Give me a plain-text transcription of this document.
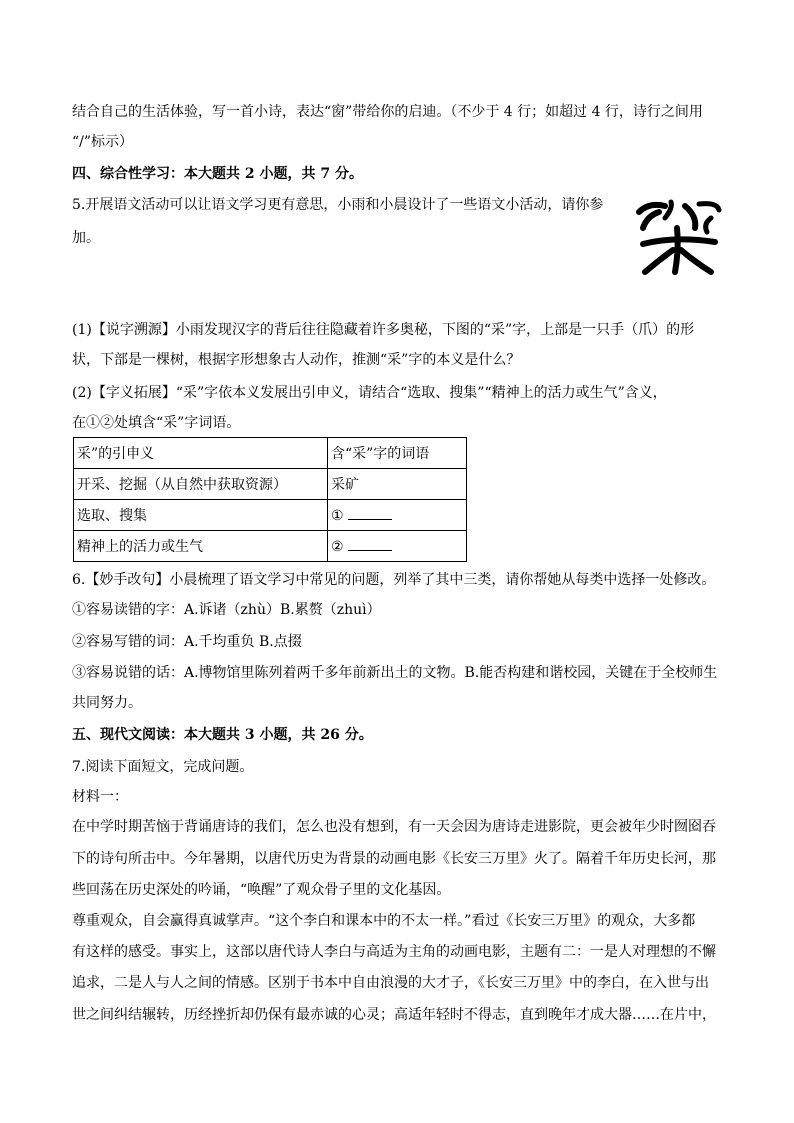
结合自己的生活体验，写一首小诗，表达“窗”带给你的启迪。（不少于 4 行；如超过 4 行，诗行之间用
“/”标示）
四、综合性学习：本大题共 2 小题，共 7 分。
5.开展语文活动可以让语文学习更有意思，小雨和小晨设计了一些语文小活动，请你参
加。
(1)【说字溯源】小雨发现汉字的背后往往隐藏着许多奥秘，下图的“采”字，上部是一只手（爪）的形
状，下部是一棵树，根据字形想象古人动作，推测“采”字的本义是什么？
(2)【字义拓展】“采”字依本义发展出引申义，请结合“选取、搜集”“精神上的活力或生气”含义，
在①②处填含“采”字词语。
采”的引申义	含“采”字的词语
开采、挖掘（从自然中获取资源）	采矿
选取、搜集	①
精神上的活力或生气	②
6.【妙手改句】小晨梳理了语文学习中常见的问题，列举了其中三类，请你帮她从每类中选择一处修改。
①容易读错的字：A.诉诸（zhù）B.累赘（zhuì）
②容易写错的词：A.千均重负 B.点掇
③容易说错的话：A.博物馆里陈列着两千多年前新出土的文物。B.能否构建和谐校园，关键在于全校师生
共同努力。
五、现代文阅读：本大题共 3 小题，共 26 分。
7.阅读下面短文，完成问题。
材料一：
在中学时期苦恼于背诵唐诗的我们，怎么也没有想到，有一天会因为唐诗走进影院，更会被年少时囫囵吞
下的诗句所击中。今年暑期，以唐代历史为背景的动画电影《长安三万里》火了。隔着千年历史长河，那
些回荡在历史深处的吟诵，“唤醒”了观众骨子里的文化基因。
尊重观众，自会赢得真诚掌声。“这个李白和课本中的不太一样。”看过《长安三万里》的观众，大多都
有这样的感受。事实上，这部以唐代诗人李白与高适为主角的动画电影，主题有二：一是人对理想的不懈
追求，二是人与人之间的情感。区别于书本中自由浪漫的大才子，《长安三万里》中的李白，在入世与出
世之间纠结辗转，历经挫折却仍保有最赤诚的心灵；高适年轻时不得志，直到晚年才成大器……在片中，
